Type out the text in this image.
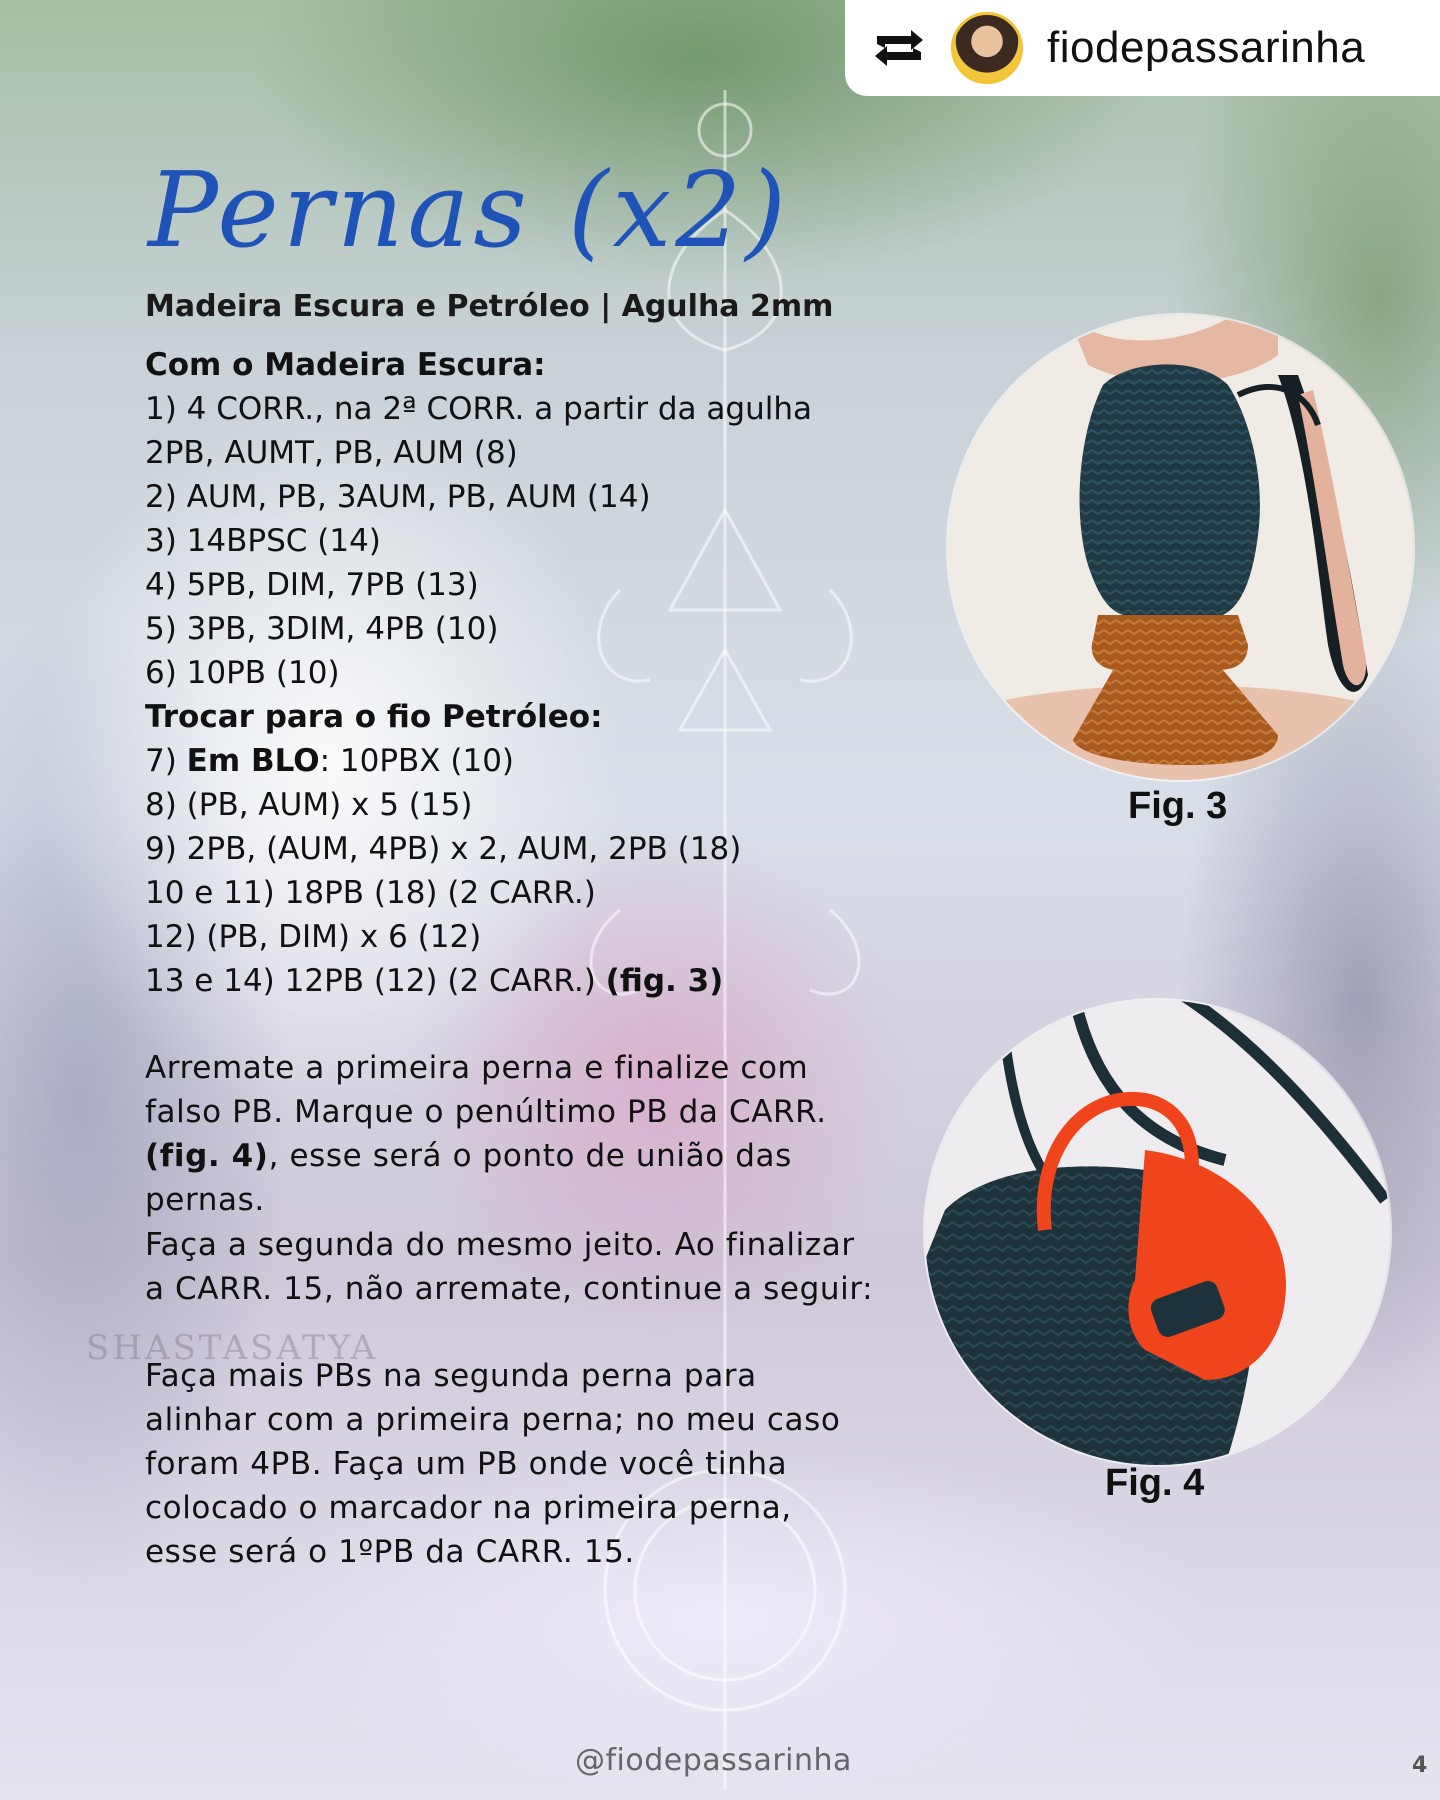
fiodepassarinha
Pernas (x2)
Madeira Escura e Petróleo | Agulha 2mm
Com o Madeira Escura:
1) 4 CORR., na 2ª CORR. a partir da agulha
2PB, AUMT, PB, AUM (8)
2) AUM, PB, 3AUM, PB, AUM (14)
3) 14BPSC (14)
4) 5PB, DIM, 7PB (13)
5) 3PB, 3DIM, 4PB (10)
6) 10PB (10)
Trocar para o fio Petróleo:
7) Em BLO: 10PBX (10)
8) (PB, AUM) x 5 (15)
9) 2PB, (AUM, 4PB) x 2, AUM, 2PB (18)
10 e 11) 18PB (18) (2 CARR.)
12) (PB, DIM) x 6 (12)
13 e 14) 12PB (12) (2 CARR.) (fig. 3)
Arremate a primeira perna e finalize com
falso PB. Marque o penúltimo PB da CARR.
(fig. 4), esse será o ponto de união das
pernas.
Faça a segunda do mesmo jeito. Ao finalizar
a CARR. 15, não arremate, continue a seguir:
SHASTASATYA
Faça mais PBs na segunda perna para
alinhar com a primeira perna; no meu caso
foram 4PB. Faça um PB onde você tinha
colocado o marcador na primeira perna,
esse será o 1ºPB da CARR. 15.
Fig. 3
Fig. 4
@fiodepassarinha	4
